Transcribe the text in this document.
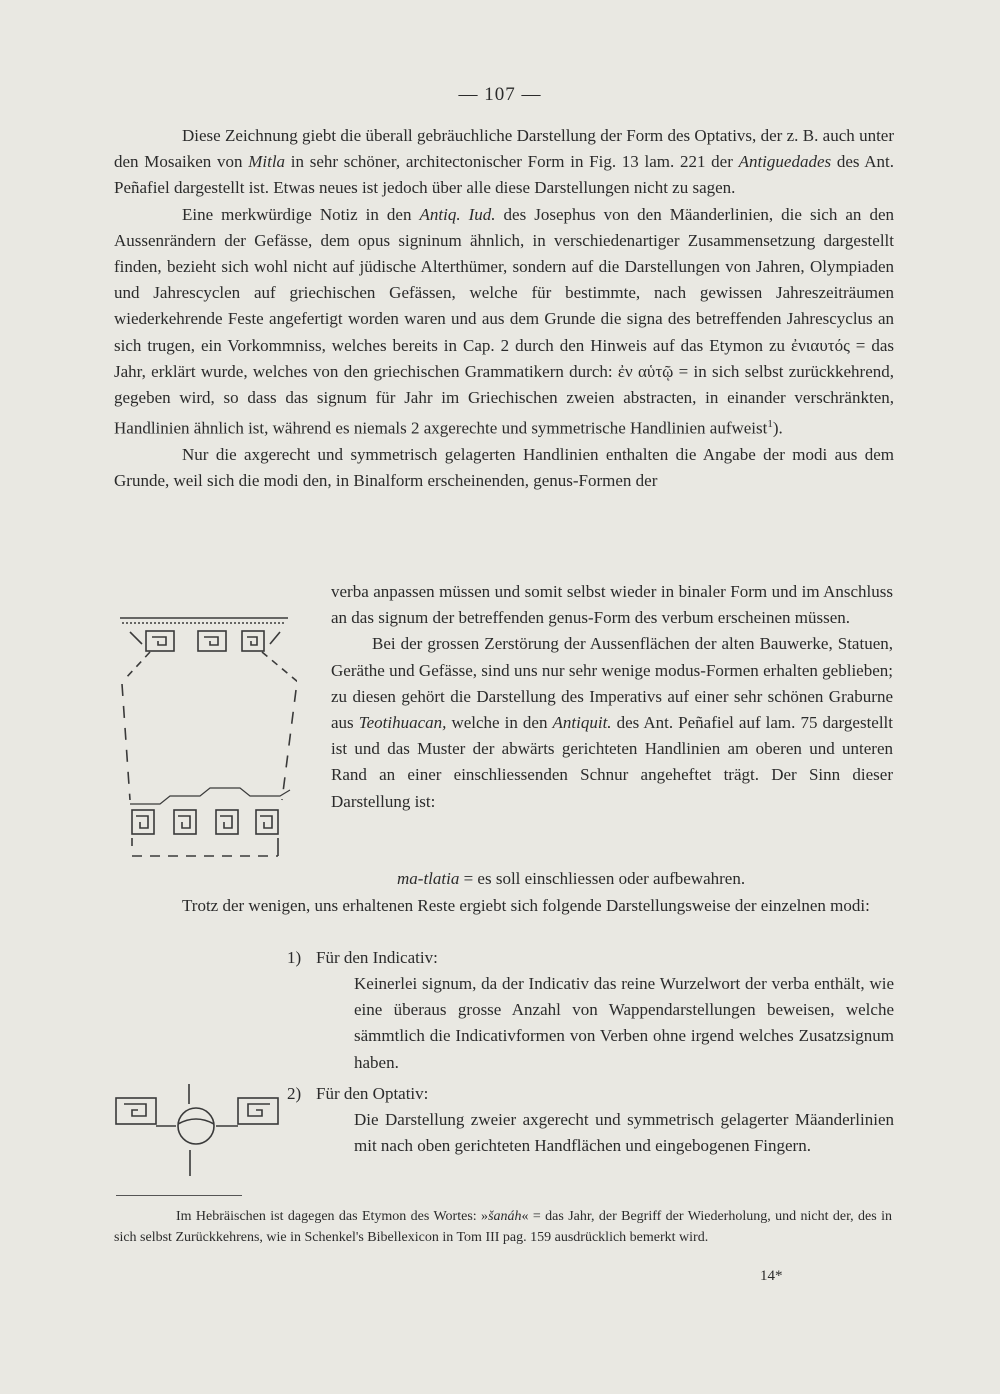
— 107 —

Diese Zeichnung giebt die überall gebräuchliche Darstellung der Form des Optativs, der z. B. auch unter den Mosaiken von Mitla in sehr schöner, architectonischer Form in Fig. 13 lam. 221 der Antiguedades des Ant. Peñafiel dargestellt ist. Etwas neues ist jedoch über alle diese Darstellungen nicht zu sagen.

Eine merkwürdige Notiz in den Antiq. Iud. des Josephus von den Mäanderlinien, die sich an den Aussenrändern der Gefässe, dem opus signinum ähnlich, in verschiedenartiger Zusammensetzung dargestellt finden, bezieht sich wohl nicht auf jüdische Alterthümer, sondern auf die Darstellungen von Jahren, Olympiaden und Jahrescyclen auf griechischen Gefässen, welche für bestimmte, nach gewissen Jahreszeiträumen wiederkehrende Feste angefertigt worden waren und aus dem Grunde die signa des betreffenden Jahrescyclus an sich trugen, ein Vorkommniss, welches bereits in Cap. 2 durch den Hinweis auf das Etymon zu ἐνιαυτός = das Jahr, erklärt wurde, welches von den griechischen Grammatikern durch: ἐν αὑτῷ = in sich selbst zurückkehrend, gegeben wird, so dass das signum für Jahr im Griechischen zweien abstracten, in einander verschränkten, Handlinien ähnlich ist, während es niemals 2 axgerechte und symmetrische Handlinien aufweist$^1$).

Nur die axgerecht und symmetrisch gelagerten Handlinien enthalten die Angabe der modi aus dem Grunde, weil sich die modi den, in Binalform erscheinenden, genus-Formen der

verba anpassen müssen und somit selbst wieder in binaler Form und im Anschluss an das signum der betreffenden genus-Form des verbum erscheinen müssen.

Bei der grossen Zerstörung der Aussenflächen der alten Bauwerke, Statuen, Geräthe und Gefässe, sind uns nur sehr wenige modus-Formen erhalten geblieben; zu diesen gehört die Darstellung des Imperativs auf einer sehr schönen Graburne aus Teotihuacan, welche in den Antiquit. des Ant. Peñafiel auf lam. 75 dargestellt ist und das Muster der abwärts gerichteten Handlinien am oberen und unteren Rand an einer einschliessenden Schnur angeheftet trägt. Der Sinn dieser Darstellung ist:

ma-tlatia = es soll einschliessen oder aufbewahren.

Trotz der wenigen, uns erhaltenen Reste ergiebt sich folgende Darstellungsweise der einzelnen modi:

1) Für den Indicativ:
Keinerlei signum, da der Indicativ das reine Wurzelwort der verba enthält, wie eine überaus grosse Anzahl von Wappendarstellungen beweisen, welche sämmtlich die Indicativformen von Verben ohne irgend welches Zusatzsignum haben.
2) Für den Optativ:
Die Darstellung zweier axgerecht und symmetrisch gelagerter Mäanderlinien mit nach oben gerichteten Handflächen und eingebogenen Fingern.
Im Hebräischen ist dagegen das Etymon des Wortes: »šanáh« = das Jahr, der Begriff der Wiederholung, und nicht der, des in sich selbst Zurückkehrens, wie in Schenkel's Bibellexicon in Tom III pag. 159 ausdrücklich bemerkt wird.
14*
